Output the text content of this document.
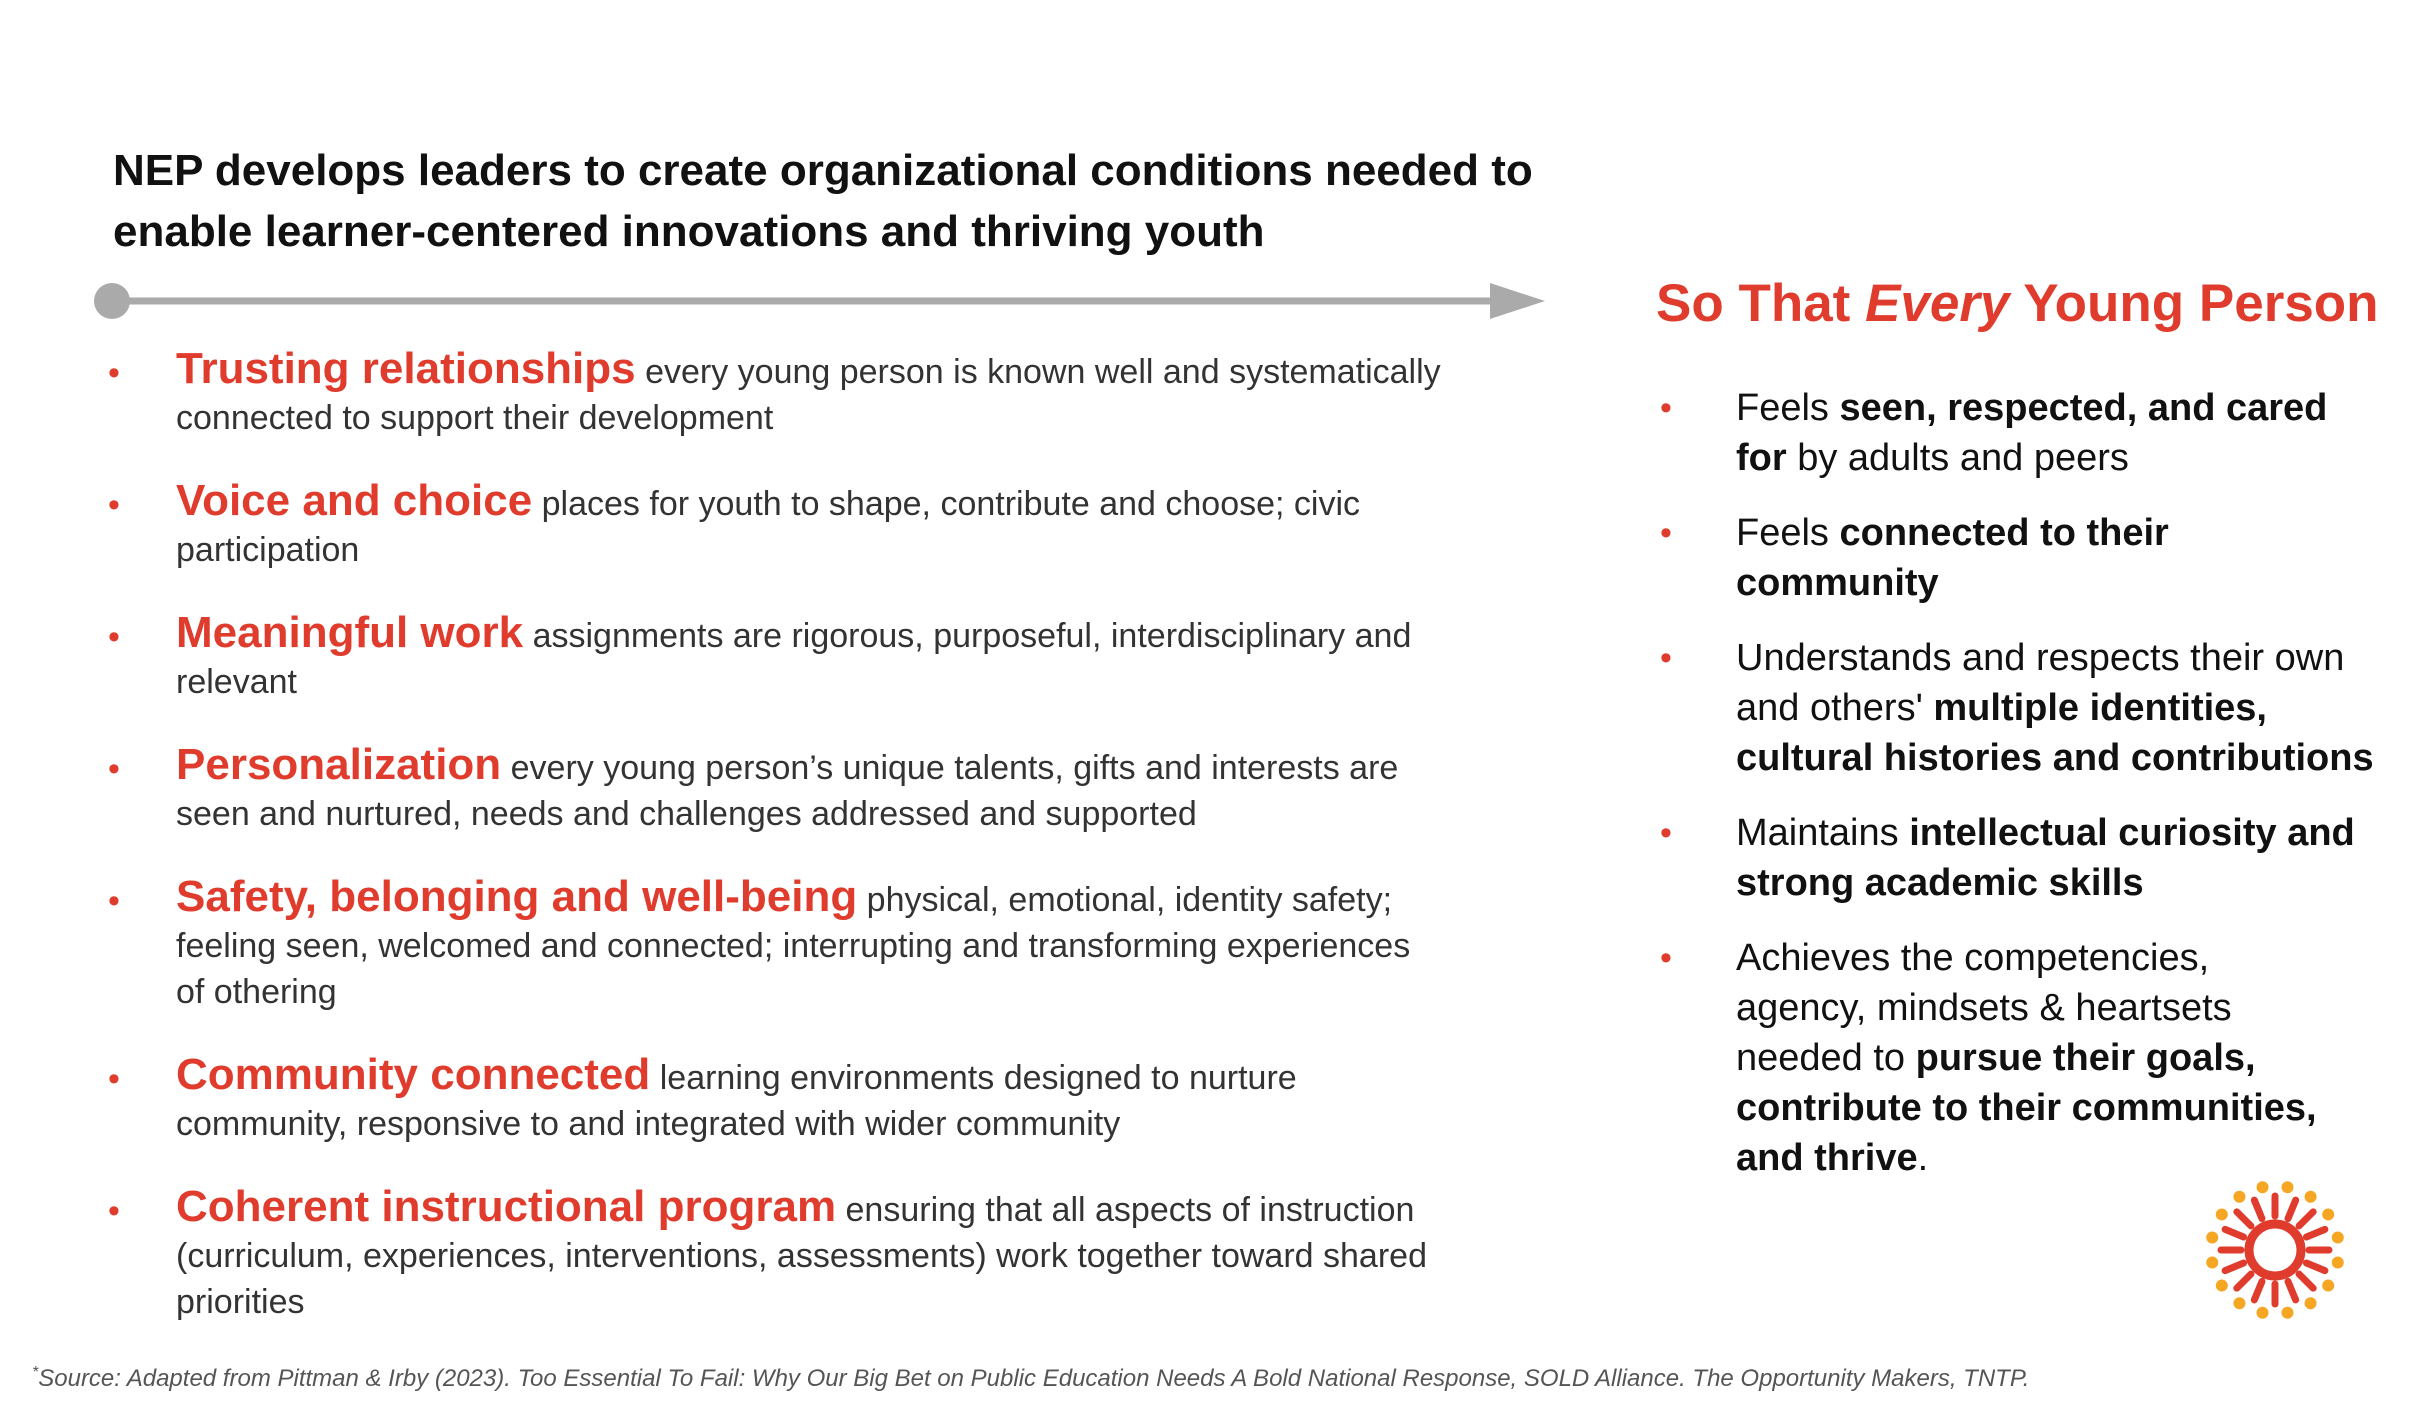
NEP develops leaders to create organizational conditions needed to
enable learner-centered innovations and thriving youth
• Trusting relationships every young person is known well and systematically
connected to support their development
• Voice and choice places for youth to shape, contribute and choose; civic
participation
• Meaningful work assignments are rigorous, purposeful, interdisciplinary and
relevant
• Personalization every young person’s unique talents, gifts and interests are
seen and nurtured, needs and challenges addressed and supported
• Safety, belonging and well-being physical, emotional, identity safety;
feeling seen, welcomed and connected; interrupting and transforming experiences
of othering
• Community connected learning environments designed to nurture
community, responsive to and integrated with wider community
• Coherent instructional program ensuring that all aspects of instruction
(curriculum, experiences, interventions, assessments) work together toward shared
priorities
So That Every Young Person
• Feels seen, respected, and cared
for by adults and peers
• Feels connected to their
community
• Understands and respects their own
and others' multiple identities,
cultural histories and contributions
• Maintains intellectual curiosity and
strong academic skills
• Achieves the competencies,
agency, mindsets & heartsets
needed to pursue their goals,
contribute to their communities,
and thrive.
*Source: Adapted from Pittman & Irby (2023). Too Essential To Fail: Why Our Big Bet on Public Education Needs A Bold National Response, SOLD Alliance. The Opportunity Makers, TNTP.
